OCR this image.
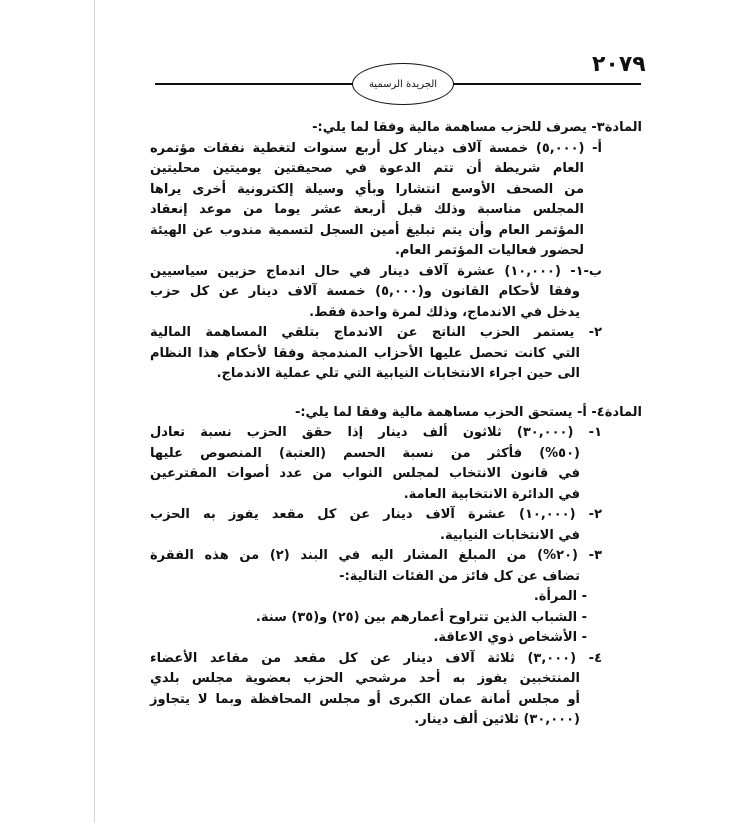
٢٠٧٩
الجريدة الرسمية
المادة٣- يصرف للحزب مساهمة مالية وفقا لما يلي:-
أ- (٥,٠٠٠) خمسة آلاف دينار كل أربع سنوات لتغطية نفقات مؤتمره
العام شريطة أن تتم الدعوة في صحيفتين يوميتين محليتين
من الصحف الأوسع انتشارا وبأي وسيلة إلكترونية أخرى يراها
المجلس مناسبة وذلك قبل أربعة عشر يوما من موعد إنعقاد
المؤتمر العام وأن يتم تبليغ أمين السجل لتسمية مندوب عن الهيئة
لحضور فعاليات المؤتمر العام.
ب-١- (١٠,٠٠٠) عشرة آلاف دينار في حال اندماج حزبين سياسيين
وفقا لأحكام القانون و(٥,٠٠٠) خمسة آلاف دينار عن كل حزب
يدخل في الاندماج، وذلك لمرة واحدة فقط.
٢- يستمر الحزب الناتج عن الاندماج بتلقي المساهمة المالية
التي كانت تحصل عليها الأحزاب المندمجة وفقا لأحكام هذا النظام
الى حين اجراء الانتخابات النيابية التي تلي عملية الاندماج.
المادة٤- أ- يستحق الحزب مساهمة مالية وفقا لما يلي:-
١- (٣٠,٠٠٠) ثلاثون ألف دينار إذا حقق الحزب نسبة تعادل
(٥٠%) فأكثر من نسبة الحسم (العتبة) المنصوص عليها
في قانون الانتخاب لمجلس النواب من عدد أصوات المقترعين
في الدائرة الانتخابية العامة.
٢- (١٠,٠٠٠) عشرة آلاف دينار عن كل مقعد يفوز به الحزب
في الانتخابات النيابية.
٣- (٢٠%) من المبلغ المشار اليه في البند (٢) من هذه الفقرة
تضاف عن كل فائز من الفئات التالية:-
- المرأة.
- الشباب الذين تتراوح أعمارهم بين (٢٥) و(٣٥) سنة.
- الأشخاص ذوي الاعاقة.
٤- (٣,٠٠٠) ثلاثة آلاف دينار عن كل مقعد من مقاعد الأعضاء
المنتخبين يفوز به أحد مرشحي الحزب بعضوية مجلس بلدي
أو مجلس أمانة عمان الكبرى أو مجلس المحافظة وبما لا يتجاوز
(٣٠,٠٠٠) ثلاثين ألف دينار.
